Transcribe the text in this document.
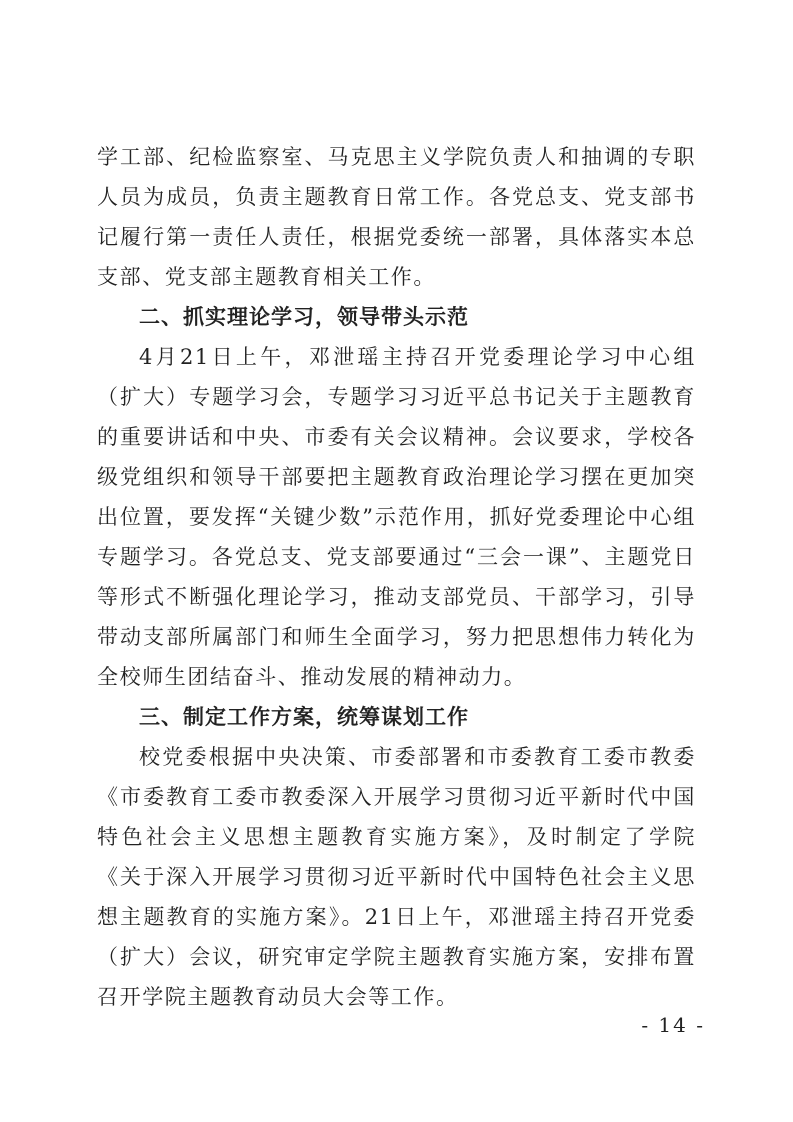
学工部、纪检监察室、马克思主义学院负责人和抽调的专职人员为成员，负责主题教育日常工作。各党总支、党支部书记履行第一责任人责任，根据党委统一部署，具体落实本总支部、党支部主题教育相关工作。

二、抓实理论学习，领导带头示范

4月21日上午，邓泄瑶主持召开党委理论学习中心组（扩大）专题学习会，专题学习习近平总书记关于主题教育的重要讲话和中央、市委有关会议精神。会议要求，学校各级党组织和领导干部要把主题教育政治理论学习摆在更加突出位置，要发挥“关键少数”示范作用，抓好党委理论中心组专题学习。各党总支、党支部要通过“三会一课”、主题党日等形式不断强化理论学习，推动支部党员、干部学习，引导带动支部所属部门和师生全面学习，努力把思想伟力转化为全校师生团结奋斗、推动发展的精神动力。

三、制定工作方案，统筹谋划工作

校党委根据中央决策、市委部署和市委教育工委市教委《市委教育工委市教委深入开展学习贯彻习近平新时代中国特色社会主义思想主题教育实施方案》，及时制定了学院《关于深入开展学习贯彻习近平新时代中国特色社会主义思想主题教育的实施方案》。21日上午，邓泄瑶主持召开党委（扩大）会议，研究审定学院主题教育实施方案，安排布置召开学院主题教育动员大会等工作。

- 14 -
